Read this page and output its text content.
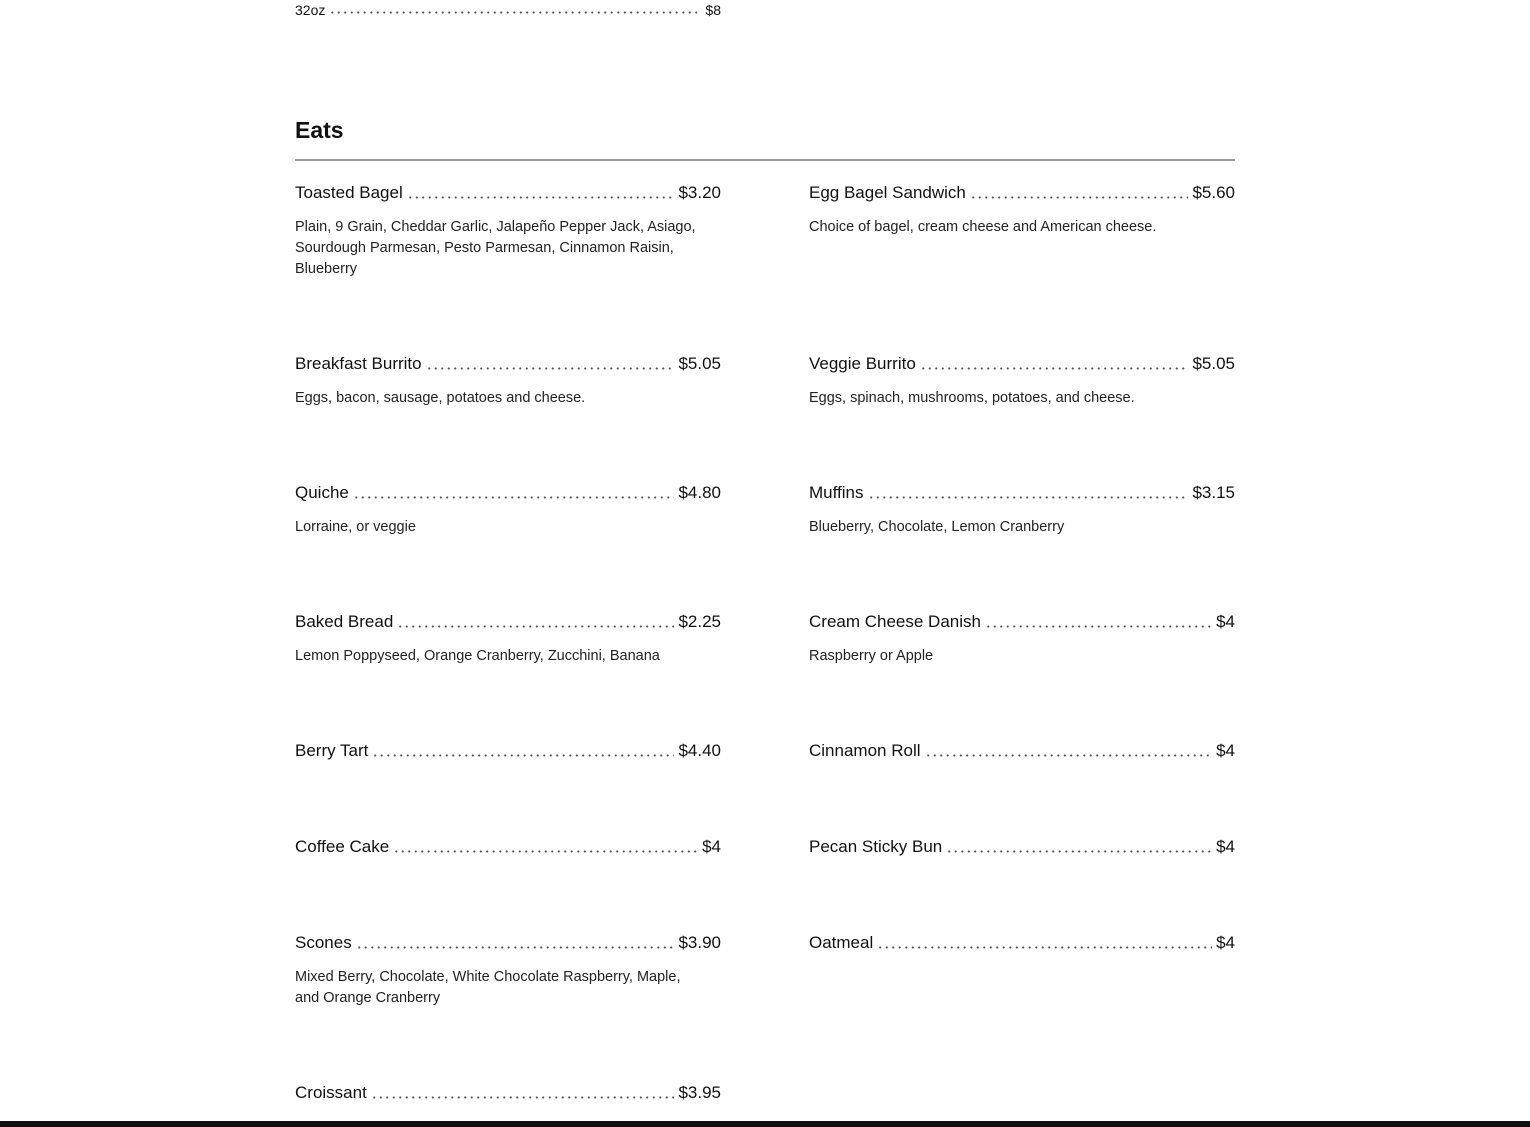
32oz	$8
Eats
Toasted Bagel	$3.20
Plain, 9 Grain, Cheddar Garlic, Jalapeño Pepper Jack, Asiago, Sourdough Parmesan, Pesto Parmesan, Cinnamon Raisin, Blueberry
Egg Bagel Sandwich	$5.60
Choice of bagel, cream cheese and American cheese.
Breakfast Burrito	$5.05
Eggs, bacon, sausage, potatoes and cheese.
Veggie Burrito	$5.05
Eggs, spinach, mushrooms, potatoes, and cheese.
Quiche	$4.80
Lorraine, or veggie
Muffins	$3.15
Blueberry, Chocolate, Lemon Cranberry
Baked Bread	$2.25
Lemon Poppyseed, Orange Cranberry, Zucchini, Banana
Cream Cheese Danish	$4
Raspberry or Apple
Berry Tart	$4.40	Cinnamon Roll	$4
Coffee Cake	$4	Pecan Sticky Bun	$4
Scones	$3.90
Mixed Berry, Chocolate, White Chocolate Raspberry, Maple, and Orange Cranberry
Oatmeal	$4
Croissant	$3.95
